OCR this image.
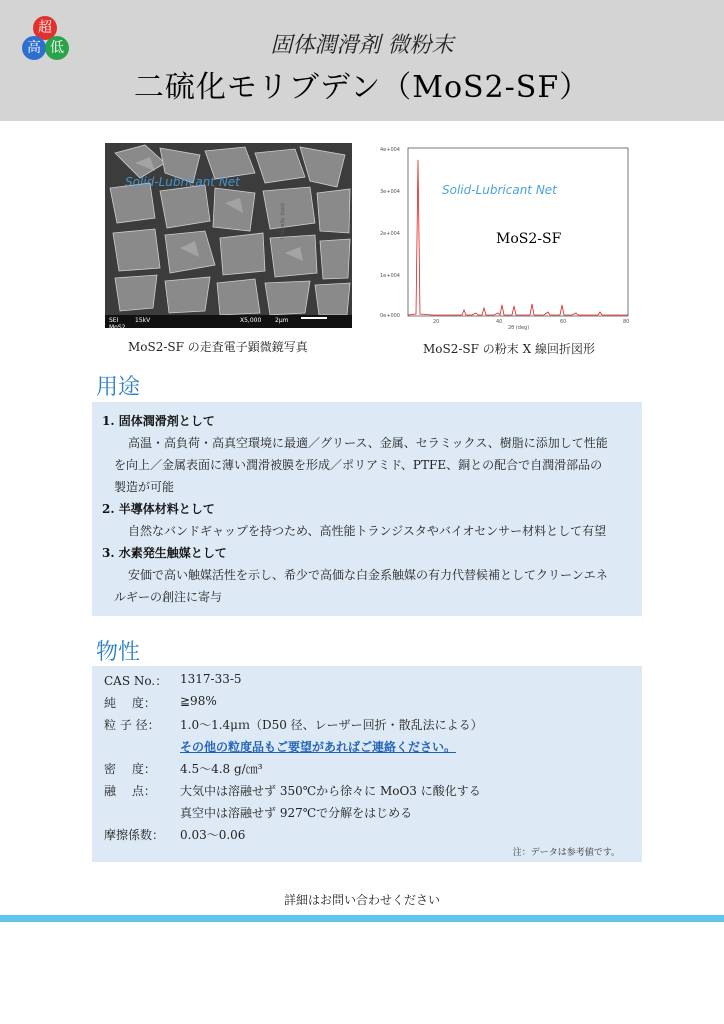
超
高 低	固体潤滑剤 微粉末
二硫化モリブデン（MoS2-SF）
Solid-Lubricant Net
SEI	15kV	X5,000 2μm
MoS2
MoS2-SF の走査電子顕微鏡写真
Intensity (cps)
4e+004
3e+004
2e+004
1e+004
0e+000
20	40	60	80
2θ (deg)
Solid-Lubricant Net
MoS2-SF
MoS2-SF の粉末 X 線回折図形
用途
1. 固体潤滑剤として
高温・高負荷・高真空環境に最適／グリース、金属、セラミックス、樹脂に添加して性能
を向上／金属表面に薄い潤滑被膜を形成／ポリアミド、PTFE、銅との配合で自潤滑部品の
製造が可能
2. 半導体材料として
自然なバンドギャップを持つため、高性能トランジスタやバイオセンサー材料として有望
3. 水素発生触媒として
安価で高い触媒活性を示し、希少で高価な白金系触媒の有力代替候補としてクリーンエネ
ルギーの創注に寄与
物性
CAS No.： 1317-33-5
純　 度： ≧98%
粒 子 径： 1.0～1.4μｍ（D50 径、レーザー回折・散乱法による）
その他の粒度品もご要望があればご連絡ください。
密　 度： 4.5～4.8 g/㎝³
融　 点： 大気中は溶融せず 350℃から徐々に MoO3 に酸化する
真空中は溶融せず 927℃で分解をはじめる
摩擦係数： 0.03～0.06
注：データは参考値です。
詳細はお問い合わせください
